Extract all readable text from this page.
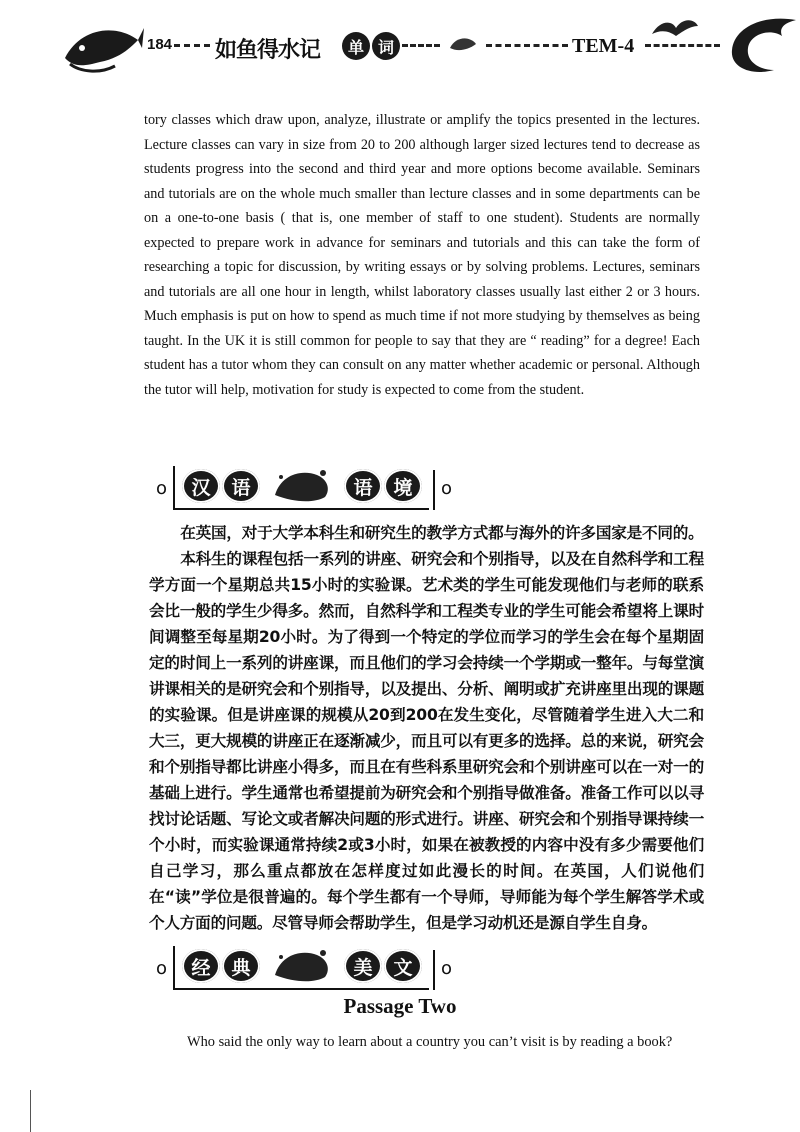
184 如鱼得水记	单 词	TEM-4
tory classes which draw upon, analyze, illustrate or amplify the topics presented in the lectures. Lecture classes can vary in size from 20 to 200 although larger sized lectures tend to decrease as students progress into the second and third year and more options become available. Seminars and tutorials are on the whole much smaller than lecture classes and in some departments can be on a one-to-one basis ( that is, one member of staff to one student). Students are normally expected to prepare work in advance for seminars and tutorials and this can take the form of researching a topic for discussion, by writing essays or by solving problems. Lectures, seminars and tutorials are all one hour in length, whilst laboratory classes usually last either 2 or 3 hours. Much emphasis is put on how to spend as much time if not more studying by themselves as being taught. In the UK it is still common for people to say that they are “ reading” for a degree! Each student has a tutor whom they can consult on any matter whether academic or personal. Although the tutor will help, motivation for study is expected to come from the student.
o	汉	语	语	境	o

在英国，对于大学本科生和研究生的教学方式都与海外的许多国家是不同的。

本科生的课程包括一系列的讲座、研究会和个别指导，以及在自然科学和工程学方面一个星期总共15小时的实验课。艺术类的学生可能发现他们与老师的联系会比一般的学生少得多。然而，自然科学和工程类专业的学生可能会希望将上课时间调整至每星期20小时。为了得到一个特定的学位而学习的学生会在每个星期固定的时间上一系列的讲座课，而且他们的学习会持续一个学期或一整年。与每堂演讲课相关的是研究会和个别指导，以及提出、分析、阐明或扩充讲座里出现的课题的实验课。但是讲座课的规模从20到200在发生变化，尽管随着学生进入大二和大三，更大规模的讲座正在逐渐减少，而且可以有更多的选择。总的来说，研究会和个别指导都比讲座小得多，而且在有些科系里研究会和个别讲座可以在一对一的基础上进行。学生通常也希望提前为研究会和个别指导做准备。准备工作可以以寻找讨论话题、写论文或者解决问题的形式进行。讲座、研究会和个别指导课持续一个小时，而实验课通常持续2或3小时，如果在被教授的内容中没有多少需要他们自己学习，那么重点都放在怎样度过如此漫长的时间。在英国，人们说他们在“读”学位是很普遍的。每个学生都有一个导师，导师能为每个学生解答学术或个人方面的问题。尽管导师会帮助学生，但是学习动机还是源自学生自身。

o	经	典	美	文	o
Passage Two
Who said the only way to learn about a country you can’t visit is by reading a book?
